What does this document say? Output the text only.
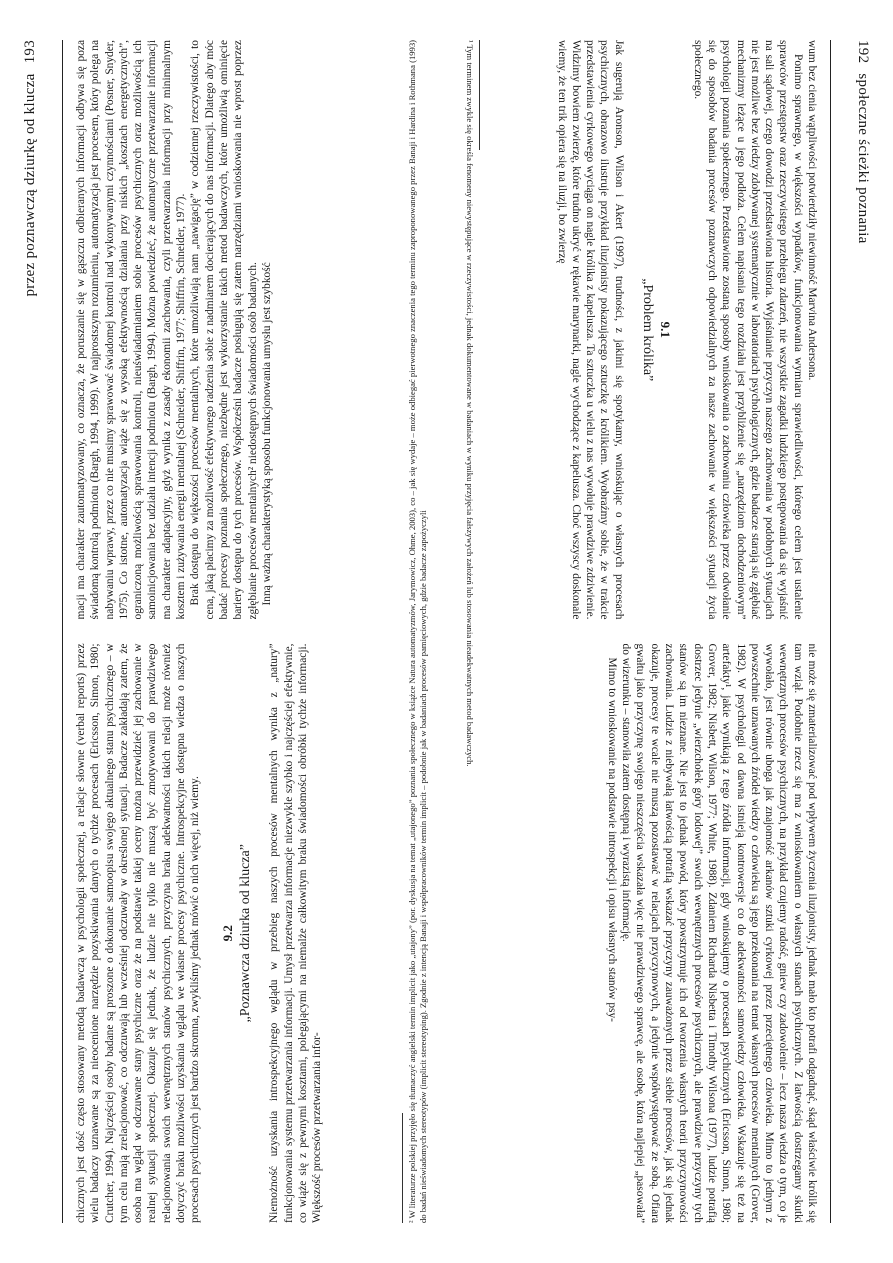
192
społeczne ścieżki poznania

wum bez cienia wątpliwości potwierdziły niewinność Marvina Andersona.

Ponimo sprawnego, w większości wypadków, funkcjonowania wymiaru sprawiedliwości, którego celem jest ustalenie sprawców przestępstw oraz rzeczywistego przebiegu zdarzeń, nie wszystkie zagadki ludzkiego postępowania da się wyjaśnić na sali sądowej, czego dowodzi przedstawiona historia. Wyjaśnianie przyczyn naszego zachowania w podobnych sytuacjach nie jest możliwe bez wiedzy zdobywanej systematycznie w laboratoriach psychologicznych, gdzie badacze starają się zgłębiać mechanizmy leżące u jego podłoża. Celem napisania tego rozdziału jest przybliżenie się „narzędziom dochodzeniowym” psychologii poznania społecznego. Przedstawione zostaną sposoby wnioskowania o zachowaniu człowieka przez odwołanie się do sposobów badania procesów poznawczych odpowiedzialnych za nasze zachowanie w większości sytuacji życia społecznego.

9.1
„Problem królika”

Jak sugerują Aronson, Wilson i Akert (1997), trudności, z jakimi się spotykamy, wnioskując o własnych procesach psychicznych, obrazowo ilustruje przykład iluzjonisty pokazującego sztuczkę z królikiem. Wyobraźmy sobie, że w trakcie przedstawienia cyrkowego wyciąga on nagle królika z kapelusza. Ta sztuczka u wielu z nas wywołuje prawdziwe zdziwienie. Widzimy bowiem zwierzę, które trudno ukryć w rękawie marynarki, nagle wychodzące z kapelusza. Choć wszyscy doskonale wiemy, że ten trik opiera się na iluzji, bo zwierzę

nie może się zmaterializować pod wpływem życzenia iluzjonisty, jednak mało kto potrafi odgadnąć, skąd właściwie królik się tam wziął. Podobnie rzecz się ma z wnioskowaniem o własnych stanach psychicznych. Z łatwością dostrzegamy skutki wewnętrznych procesów psychicznych, na przykład czujemy radość, gniew czy zadowolenie – lecz nasza wiedza o tym, co je wywołało, jest równie uboga jak znajomość arkanów sztuki cyrkowej przez przeciętnego człowieka. Mimo to jednym z powszechnie uznawanych źródeł wiedzy o człowieku są jego przekonania na temat własnych procesów mentalnych (Grover, 1982). W psychologii od dawna istnieją kontrowersje co do adekwatności samowiedzy człowieka. Wskazuje się też na artefakty¹, jakie wynikają z tego źródła informacji, gdy wnioskujemy o procesach psychicznych (Ericsson, Simon, 1980; Grover, 1982; Nisbett, Wilson, 1977; White, 1988). Zdaniem Richarda Nisbetta i Timothy Wilsona (1977), ludzie potrafią dostrzec jedynie „wierzchołek góry lodowej” swoich wewnętrznych procesów psychicznych, ale prawdziwe przyczyny tych stanów są im nieznane. Nie jest to jednak powód, który powstrzymuje ich od tworzenia własnych teorii przyczynowości zachowania. Ludzie z niebywałą łatwością potrafią wskazać przyczyny zauważonych przez siebie procesów, jak się jednak okazuje, procesy te wcale nie muszą pozostawać w relacjach przyczynowych, a jedynie współwystępować ze sobą. Ofiara gwałtu jako przyczynę swojego nieszczęścia wskazała więc nie prawdziwego sprawcę, ale osobę, która najlepiej „pasowała” do wizerunku – stanowiła zatem dostępną i wyrazistą informację.

Mimo to wnioskowanie na podstawie introspekcji i opisu własnych stanów psy-

¹ Tym terminem zwykle się określa fenomeny niewystępujące w rzeczywistości, jednak dokumentowane w badaniach w wyniku przyjęcia fałszywych założeń lub stosowania nieadekwatnych metod badawczych.

przez poznawczą dziurkę od klucza
193

chicznych jest dość często stosowany metodą badawczą w psychologii społecznej, a relacje słowne (verbal reports) przez wielu badaczy uznawane są za nieocenione narzędzie pozyskiwania danych o tychże procesach (Ericsson, Simon, 1980; Crutcher, 1994). Najczęściej osoby badane są proszone o dokonanie samoopisu swojego aktualnego stanu psychicznego – w tym celu mają zrelacjonować, co odczuwają lub wcześniej odczuwały w określonej sytuacji. Badacze zakładają zatem, że osoba ma wgląd w odczuwane stany psychiczne oraz że na podstawie takiej oceny można przewidzieć jej zachowanie w realnej sytuacji społecznej. Okazuje się jednak, że ludzie nie tylko nie muszą być zmotywowani do prawdziwego relacjonowania swoich wewnętrznych stanów psychicznych, przyczyna braku adekwatności takich relacji może również dotyczyć braku możliwości uzyskania wglądu we własne procesy psychiczne. Introspekcyjne dostępna wiedza o naszych procesach psychicznych jest bardzo skromna, zwykliśmy jednak mówić o nich więcej, niż wiemy. 9.2 „Poznawcza dziurka od klucza” Niemożność uzyskania introspekcyjnego wglądu w przebieg naszych procesów mentalnych wynika z „natury” funkcjonowania systemu przetwarzania informacji. Umysł przetwarza informacje niezwykle szybko i najczęściej efektywnie, co wiąże się z pewnymi kosztami, polegającymi na niemalże całkowitym braku świadomości obróbki tychże informacji. Większość procesów przetwarzania infor-

macji ma charakter zautomatyzowany, co oznacza, że poruszanie się w gąszczu odbieranych informacji odbywa się poza świadomą kontrolą podmiotu (Bargh, 1994, 1999). W najprostszym rozumieniu, automatyzacja jest procesem, który polega na nabywaniu wprawy, przez co nie musimy sprawować świadomej kontroli nad wykonywanymi czynnościami (Posner, Snyder, 1975). Co istotne, automatyzacja wiąże się z wysoką efektywnością działania przy niskich „kosztach energetycznych”, ograniczoną możliwością sprawowania kontroli, nieuświadamianiem sobie procesów psychicznych oraz możliwością ich samoinicjowania bez udziału intencji podmiotu (Bargh, 1994). Można powiedzieć, że automatyczne przetwarzanie informacji ma charakter adaptacyjny, gdyż wynika z zasady ekonomii zachowania, czyli przetwarzania informacji przy minimalnym kosztem i zużywania energii mentalnej (Schneider, Shiffrin, 1977; Shiffrin, Schneider, 1977). Brak dostępu do większości procesów mentalnych, które umożliwiają nam „nawigację” w codziennej rzeczywistości, to cena, jaką płacimy za możliwość efektywnego radzenia sobie z nadmiarem docierających do nas informacji. Dlatego aby móc badać procesy poznania społecznego, niezbędne jest wykorzystanie takich metod badawczych, które umożliwią ominięcie bariery dostępu do tych procesów. Współcześni badacze posługują się zatem narzędziami wnioskowania nie wprost poprzez zgłębianie procesów mentalnych² niedostępnych świadomości osób badanych. Inną ważną charakterystyką sposobu funkcjonowania umysłu jest szybkość	² W literaturze polskiej przyjęło się tłumaczyć angielski termin implicit jako „utajony” (por. dyskusja na temat „utajonego” poznania społecznego w książce Natura automatyzmów, Jarymowicz, Ohme, 2003), co – jak się wydaje – może odbiegać pierwotnego znaczenia tego terminu zaproponowanego przez Banaji i Hardina i Rothmana (1993) do badań nieświadomych stereotypów (implicit stereotyping). Zgodnie z intencją Banaji i współpracowników termin implicit – podobnie jak w badaniach procesów pamięciowych, gdzie badacze zapożyczyli
